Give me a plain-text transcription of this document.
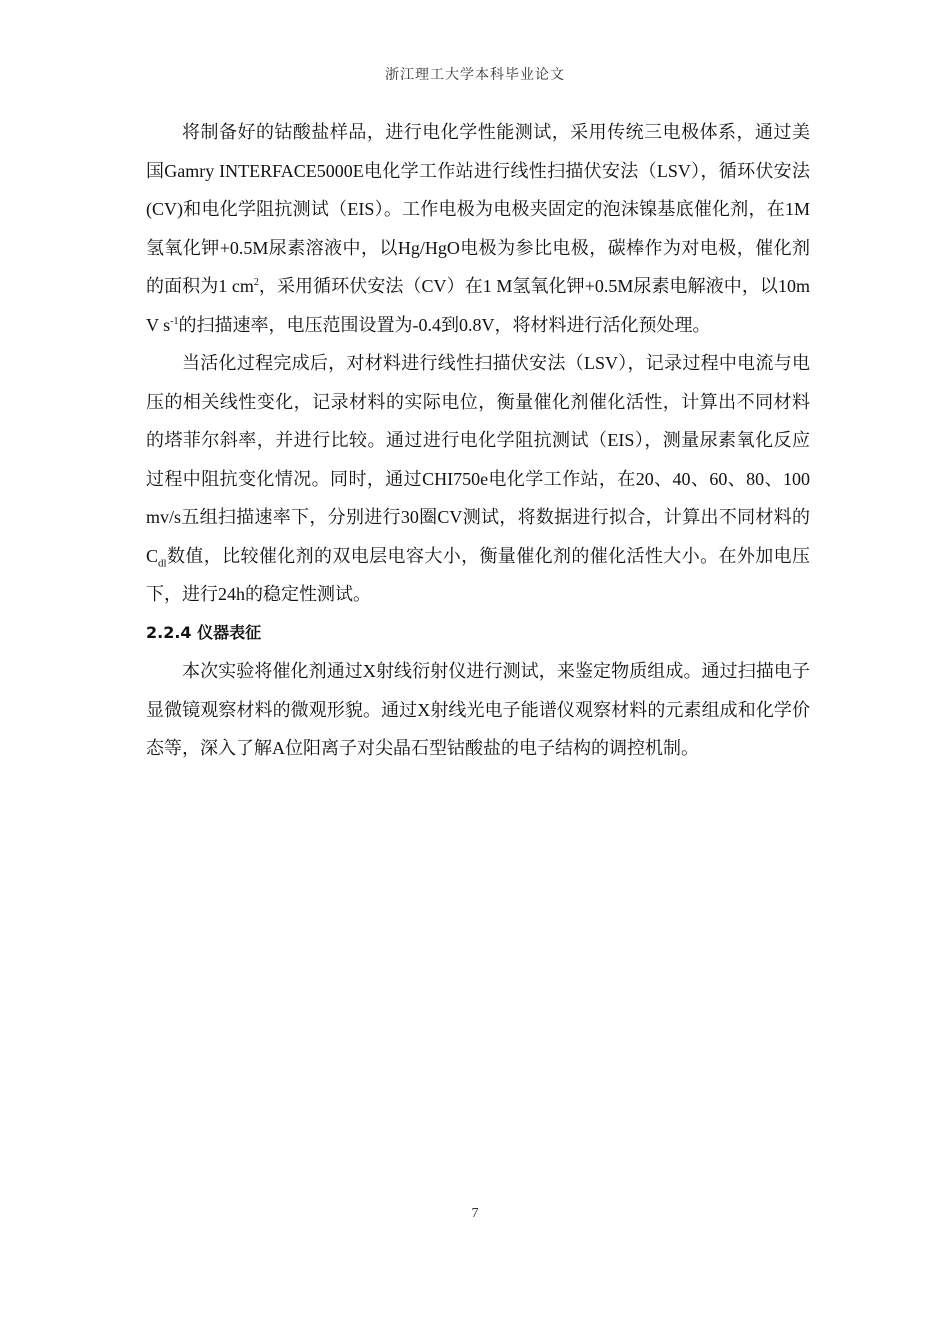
浙江理工大学本科毕业论文

将制备好的钴酸盐样品，进行电化学性能测试，采用传统三电极体系，通过美国Gamry INTERFACE5000E电化学工作站进行线性扫描伏安法（LSV），循环伏安法(CV)和电化学阻抗测试（EIS）。工作电极为电极夹固定的泡沫镍基底催化剂，在1M氢氧化钾+0.5M尿素溶液中，以Hg/HgO电极为参比电极，碳棒作为对电极，催化剂的面积为1 $cm^2$，采用循环伏安法（CV）在1 M氢氧化钾+0.5M尿素电解液中，以10mV $s^{-1}$的扫描速率，电压范围设置为-0.4到0.8V，将材料进行活化预处理。

当活化过程完成后，对材料进行线性扫描伏安法（LSV），记录过程中电流与电压的相关线性变化，记录材料的实际电位，衡量催化剂催化活性，计算出不同材料的塔菲尔斜率，并进行比较。通过进行电化学阻抗测试（EIS），测量尿素氧化反应过程中阻抗变化情况。同时，通过CHI750e电化学工作站，在20、40、60、80、100mv/s五组扫描速率下，分别进行30圈CV测试，将数据进行拟合，计算出不同材料的$C_{dl}$数值，比较催化剂的双电层电容大小，衡量催化剂的催化活性大小。在外加电压下，进行24h的稳定性测试。

2.2.4 仪器表征

本次实验将催化剂通过X射线衍射仪进行测试，来鉴定物质组成。通过扫描电子显微镜观察材料的微观形貌。通过X射线光电子能谱仪观察材料的元素组成和化学价态等，深入了解A位阳离子对尖晶石型钴酸盐的电子结构的调控机制。

7
